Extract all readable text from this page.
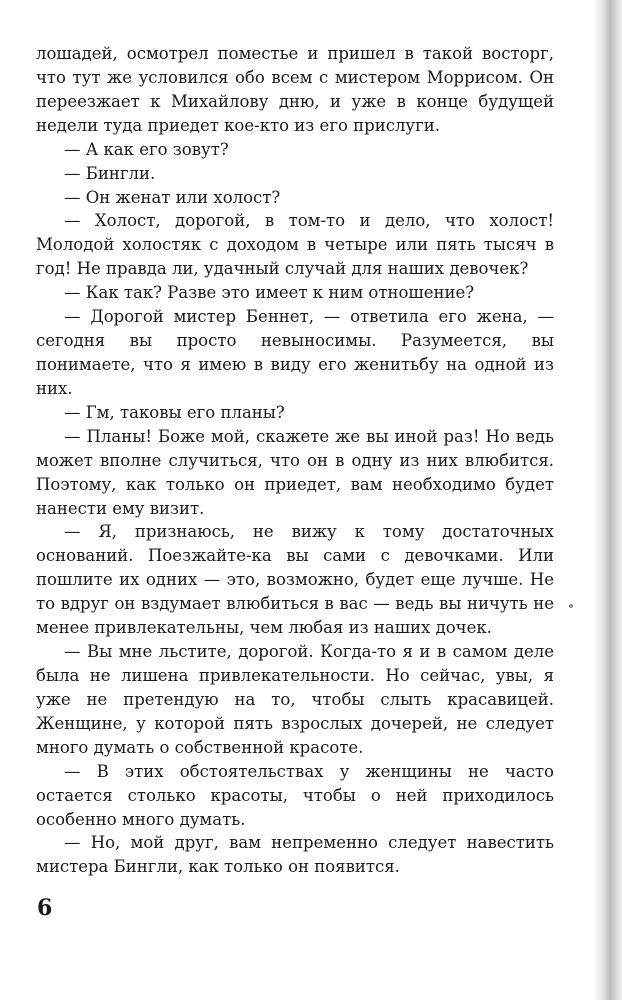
лошадей, осмотрел поместье и пришел в такой восторг, что тут же условился обо всем с мистером Моррисом. Он переезжает к Михайлову дню, и уже в конце будущей недели туда приедет кое-кто из его прислуги.

— А как его зовут?

— Бингли.

— Он женат или холост?

— Холост, дорогой, в том-то и дело, что холост! Молодой холостяк с доходом в четыре или пять тысяч в год! Не правда ли, удачный случай для наших девочек?

— Как так? Разве это имеет к ним отношение?

— Дорогой мистер Беннет, — ответила его жена, — сегодня вы просто невыносимы. Разумеется, вы понимаете, что я имею в виду его женитьбу на одной из них.

— Гм, таковы его планы?

— Планы! Боже мой, скажете же вы иной раз! Но ведь может вполне случиться, что он в одну из них влюбится. Поэтому, как только он приедет, вам необходимо будет нанести ему визит.

— Я, признаюсь, не вижу к тому достаточных оснований. Поезжайте-ка вы сами с девочками. Или пошлите их одних — это, возможно, будет еще лучше. Не то вдруг он вздумает влюбиться в вас — ведь вы ничуть не менее привлекательны, чем любая из наших дочек.

— Вы мне льстите, дорогой. Когда-то я и в самом деле была не лишена привлекательности. Но сейчас, увы, я уже не претендую на то, чтобы слыть красавицей. Женщине, у которой пять взрослых дочерей, не следует много думать о собственной красоте.

— В этих обстоятельствах у женщины не часто остается столько красоты, чтобы о ней приходилось особенно много думать.

— Но, мой друг, вам непременно следует навестить мистера Бингли, как только он появится.

6
